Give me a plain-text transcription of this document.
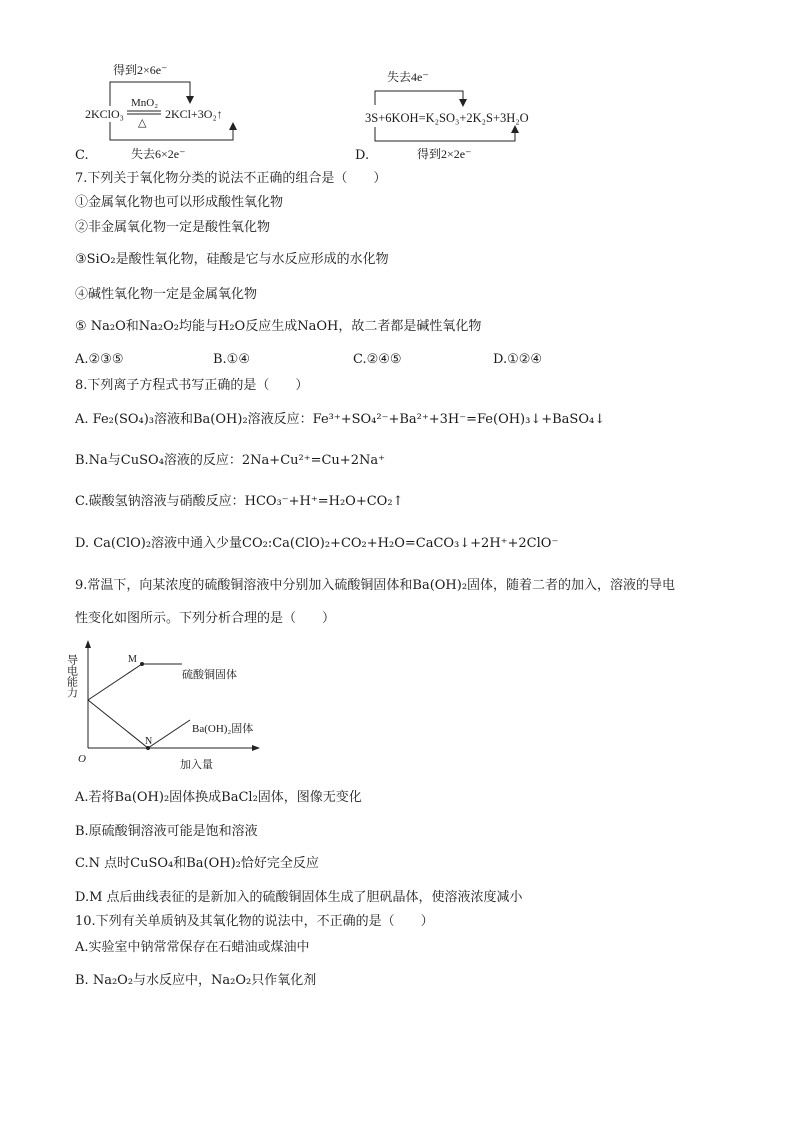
得到2×6e⁻
MnO₂
△
2KClO₃	2KCl+3O₂↑
失去6×2e⁻
C.
失去4e⁻
3S+6KOH=K₂SO₃+2K₂S+3H₂O
得到2×2e⁻
D.
7.下列关于氧化物分类的说法不正确的组合是（　　）
①金属氧化物也可以形成酸性氧化物
②非金属氧化物一定是酸性氧化物
③SiO₂是酸性氧化物，硅酸是它与水反应形成的水化物
④碱性氧化物一定是金属氧化物
⑤ Na₂O和Na₂O₂均能与H₂O反应生成NaOH，故二者都是碱性氧化物
A.②③⑤	B.①④	C.②④⑤	D.①②④
8.下列离子方程式书写正确的是（　　）
A. Fe₂(SO₄)₃溶液和Ba(OH)₂溶液反应：Fe³⁺+SO₄²⁻+Ba²⁺+3H⁻=Fe(OH)₃↓+BaSO₄↓
B.Na与CuSO₄溶液的反应：2Na+Cu²⁺=Cu+2Na⁺
C.碳酸氢钠溶液与硝酸反应：HCO₃⁻+H⁺=H₂O+CO₂↑
D. Ca(ClO)₂溶液中通入少量CO₂:Ca(ClO)₂+CO₂+H₂O=CaCO₃↓+2H⁺+2ClO⁻
9.常温下，向某浓度的硫酸铜溶液中分别加入硫酸铜固体和Ba(OH)₂固体，随着二者的加入，溶液的导电
性变化如图所示。下列分析合理的是（　　）
导电能力
O
M
硫酸铜固体
N
Ba(OH)₂固体
加入量
A.若将Ba(OH)₂固体换成BaCl₂固体，图像无变化
B.原硫酸铜溶液可能是饱和溶液
C.N 点时CuSO₄和Ba(OH)₂恰好完全反应
D.M 点后曲线表征的是新加入的硫酸铜固体生成了胆矾晶体，使溶液浓度减小
10.下列有关单质钠及其氧化物的说法中，不正确的是（　　）
A.实验室中钠常常保存在石蜡油或煤油中
B. Na₂O₂与水反应中，Na₂O₂只作氧化剂
